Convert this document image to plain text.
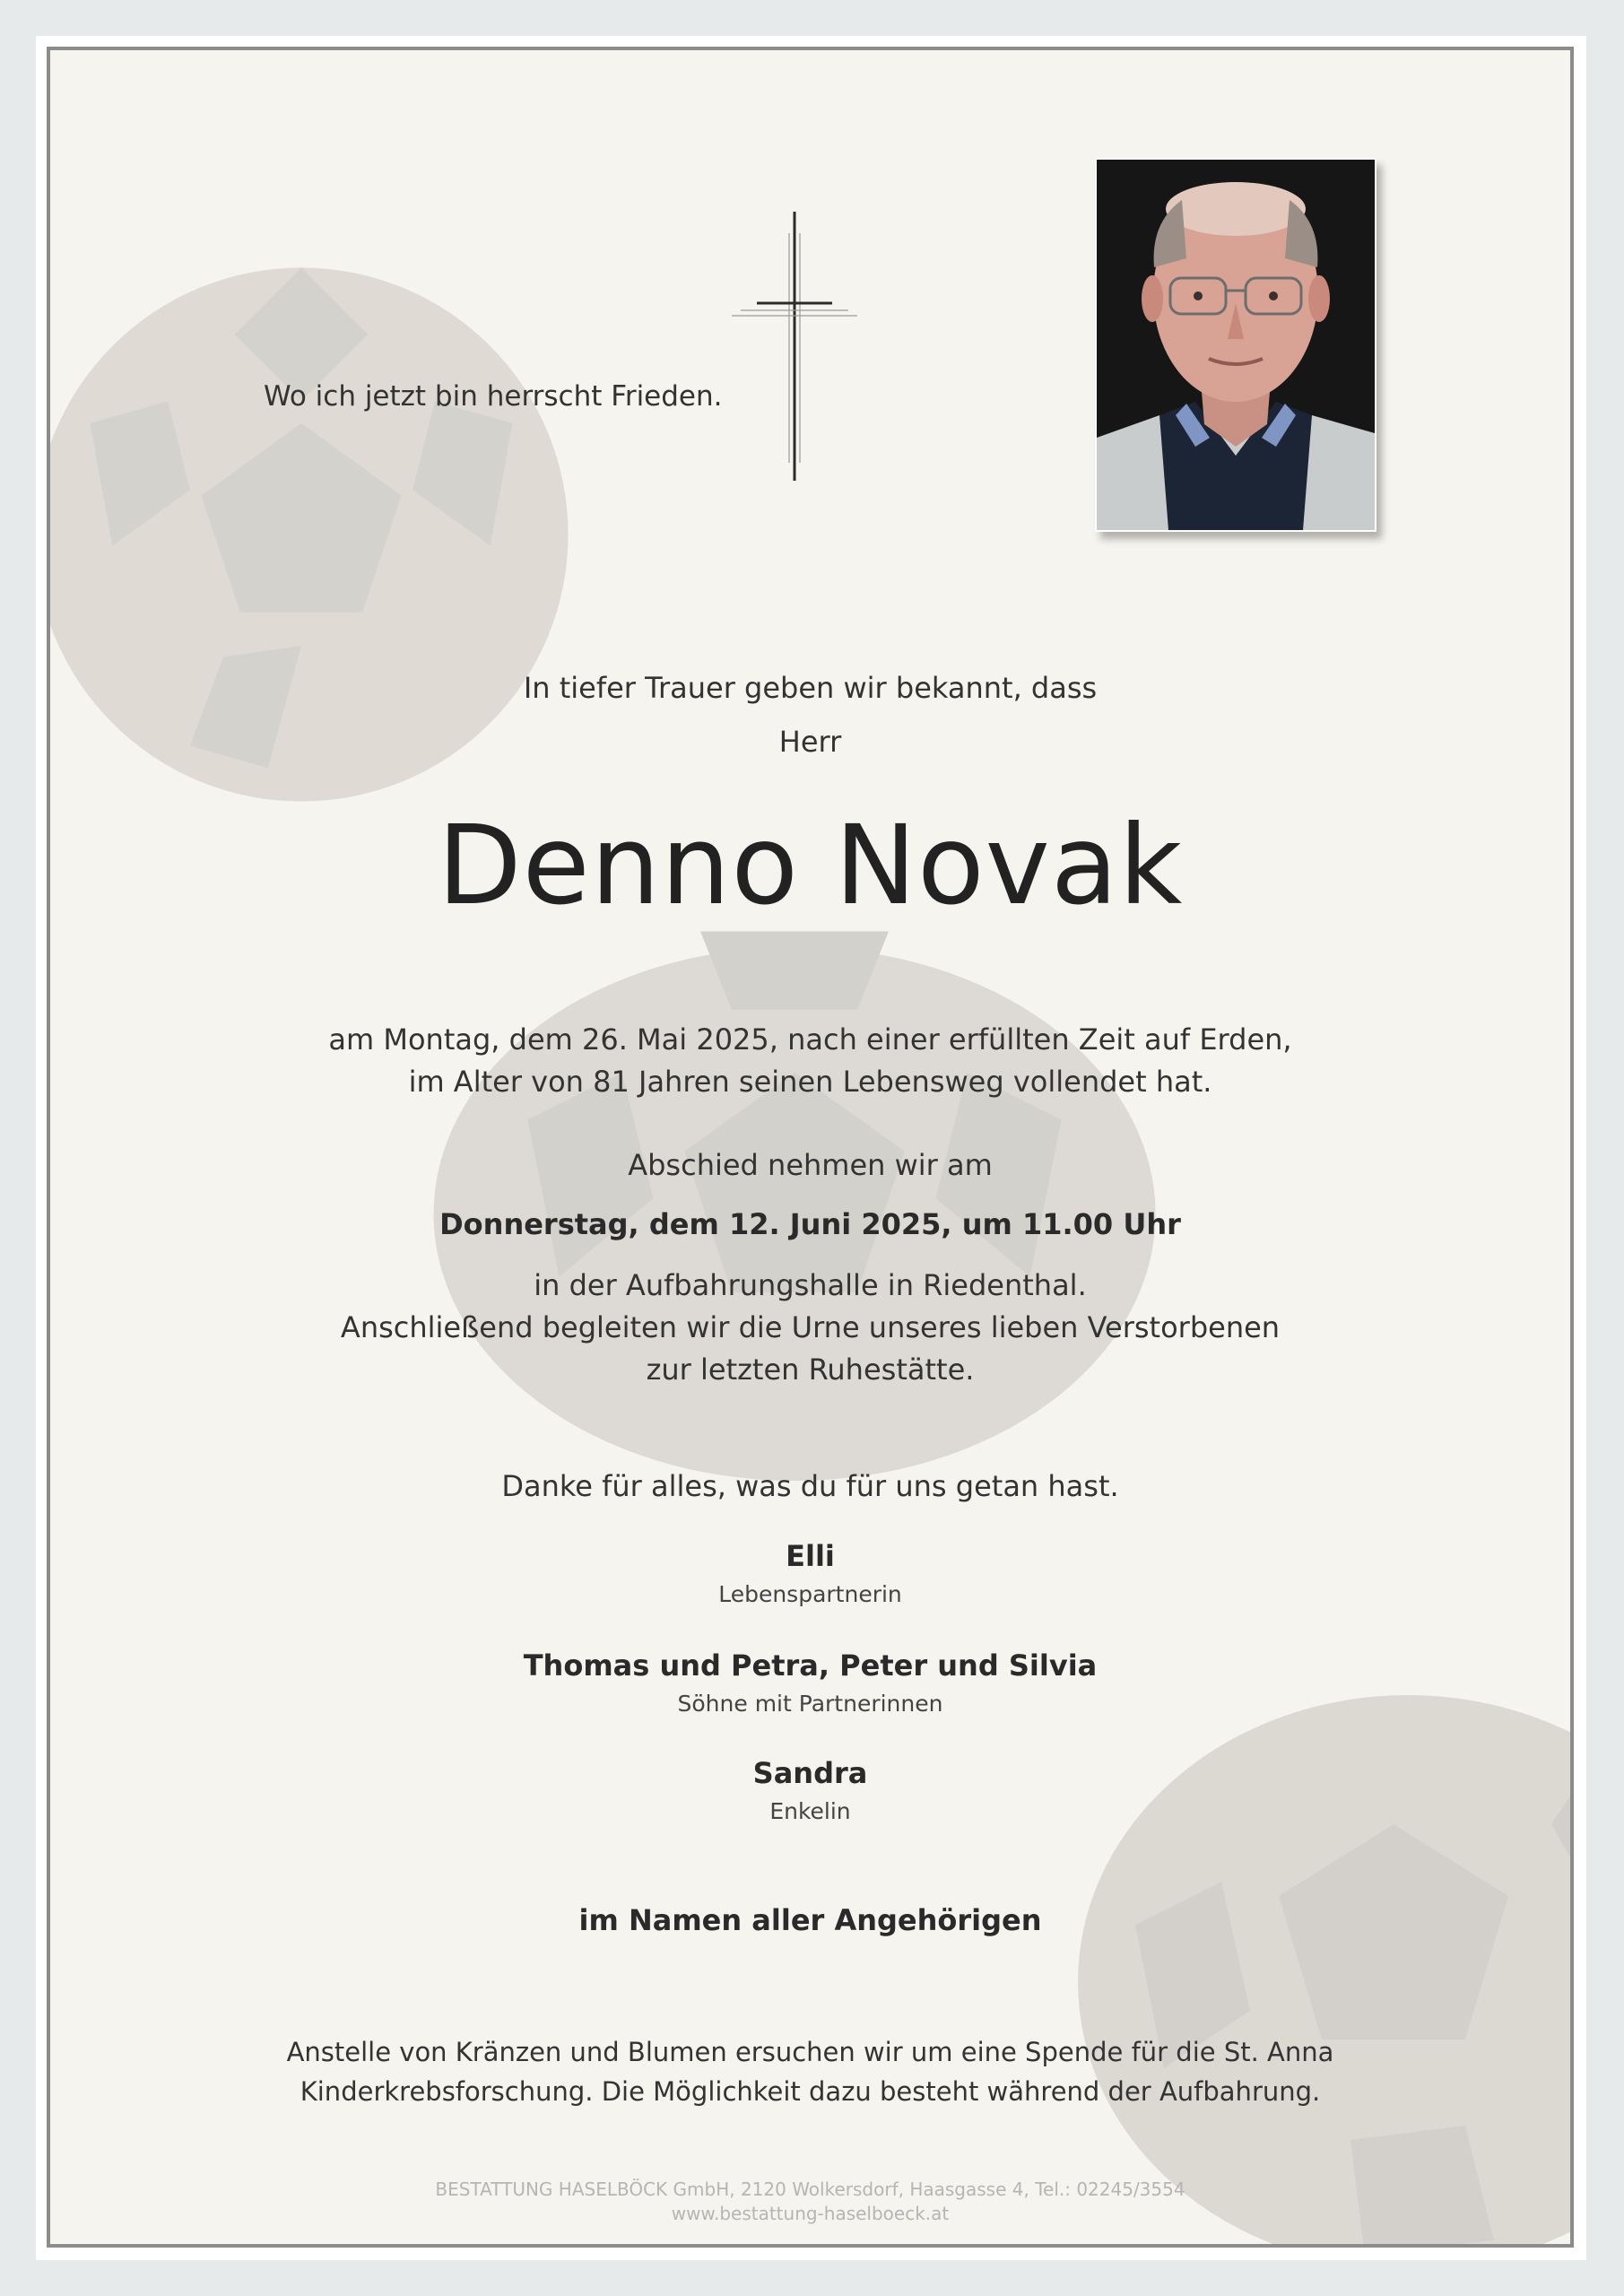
Wo ich jetzt bin herrscht Frieden.

In tiefer Trauer geben wir bekannt, dass

Herr

Denno Novak

am Montag, dem 26. Mai 2025, nach einer erfüllten Zeit auf Erden,

im Alter von 81 Jahren seinen Lebensweg vollendet hat.

Abschied nehmen wir am

Donnerstag, dem 12. Juni 2025, um 11.00 Uhr

in der Aufbahrungshalle in Riedenthal.

Anschließend begleiten wir die Urne unseres lieben Verstorbenen

zur letzten Ruhestätte.

Danke für alles, was du für uns getan hast.

Elli

Lebenspartnerin

Thomas und Petra, Peter und Silvia

Söhne mit Partnerinnen

Sandra

Enkelin

im Namen aller Angehörigen

Anstelle von Kränzen und Blumen ersuchen wir um eine Spende für die St. Anna

Kinderkrebsforschung. Die Möglichkeit dazu besteht während der Aufbahrung.

BESTATTUNG HASELBÖCK GmbH, 2120 Wolkersdorf, Haasgasse 4, Tel.: 02245/3554

www.bestattung-haselboeck.at
